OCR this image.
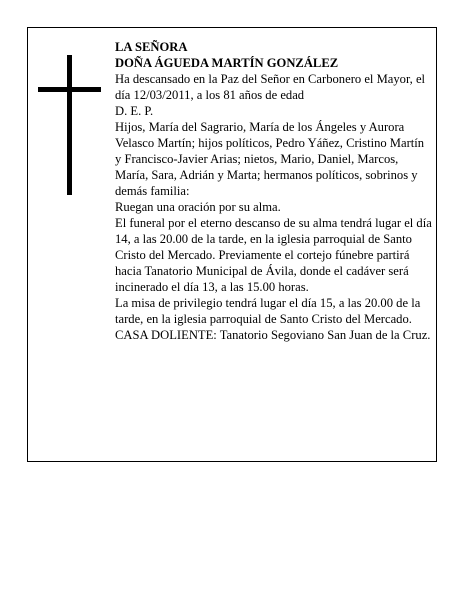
LA SEÑORA

DOÑA ÁGUEDA MARTÍN GONZÁLEZ

Ha descansado en la Paz del Señor en Carbonero el Mayor, el día 12/03/2011, a los 81 años de edad

D. E. P.

Hijos, María del Sagrario, María de los Ángeles y Aurora Velasco Martín; hijos políticos, Pedro Yáñez, Cristino Martín y Francisco-Javier Arias; nietos, Mario, Daniel, Marcos, María, Sara, Adrián y Marta; hermanos políticos, sobrinos y demás familia:

Ruegan una oración por su alma.

El funeral por el eterno descanso de su alma tendrá lugar el día 14, a las 20.00 de la tarde, en la iglesia parroquial de Santo Cristo del Mercado. Previamente el cortejo fúnebre partirá hacia Tanatorio Municipal de Ávila, donde el cadáver será incinerado el día 13, a las 15.00 horas.

La misa de privilegio tendrá lugar el día 15, a las 20.00 de la tarde, en la iglesia parroquial de Santo Cristo del Mercado.

CASA DOLIENTE: Tanatorio Segoviano San Juan de la Cruz.
